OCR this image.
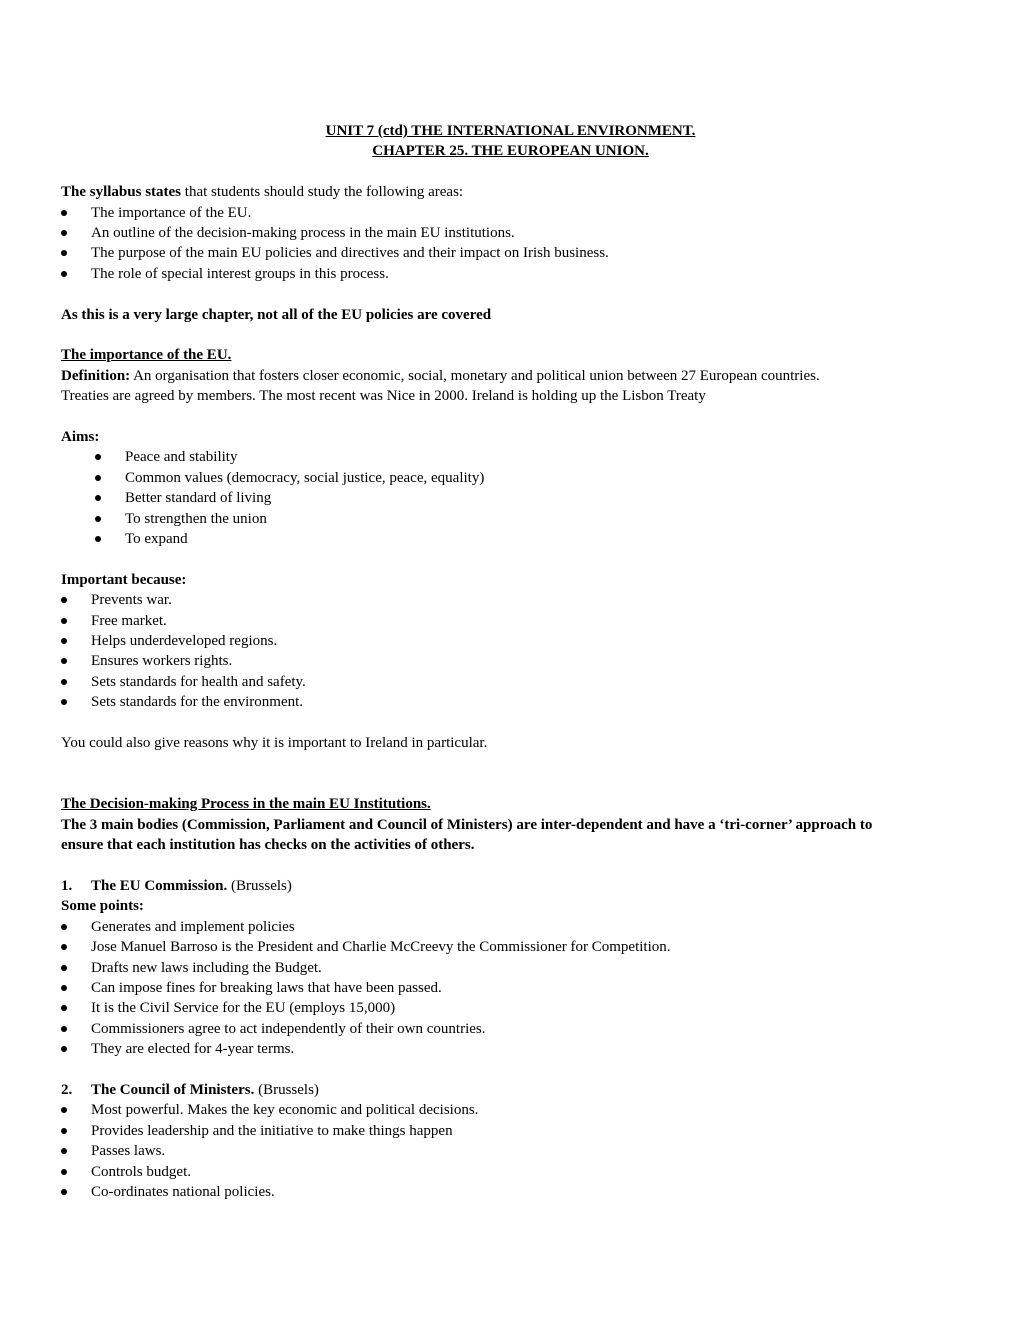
UNIT 7 (ctd) THE INTERNATIONAL ENVIRONMENT.

CHAPTER 25. THE EUROPEAN UNION.

The syllabus states that students should study the following areas:

The importance of the EU.
An outline of the decision-making process in the main EU institutions.
The purpose of the main EU policies and directives and their impact on Irish business.
The role of special interest groups in this process.

As this is a very large chapter, not all of the EU policies are covered

The importance of the EU.

Definition: An organisation that fosters closer economic, social, monetary and political union between 27 European countries.

Treaties are agreed by members. The most recent was Nice in 2000. Ireland is holding up the Lisbon Treaty

Aims:

Peace and stability
Common values (democracy, social justice, peace, equality)
Better standard of living
To strengthen the union
To expand

Important because:

Prevents war.
Free market.
Helps underdeveloped regions.
Ensures workers rights.
Sets standards for health and safety.
Sets standards for the environment.

You could also give reasons why it is important to Ireland in particular.

The Decision-making Process in the main EU Institutions.

The 3 main bodies (Commission, Parliament and Council of Ministers) are inter-dependent and have a ‘tri-corner’ approach to ensure that each institution has checks on the activities of others.

1. The EU Commission. (Brussels)

Some points:

Generates and implement policies
Jose Manuel Barroso is the President and Charlie McCreevy the Commissioner for Competition.
Drafts new laws including the Budget.
Can impose fines for breaking laws that have been passed.
It is the Civil Service for the EU (employs 15,000)
Commissioners agree to act independently of their own countries.
They are elected for 4-year terms.

2. The Council of Ministers. (Brussels)

Most powerful. Makes the key economic and political decisions.
Provides leadership and the initiative to make things happen
Passes laws.
Controls budget.
Co-ordinates national policies.
